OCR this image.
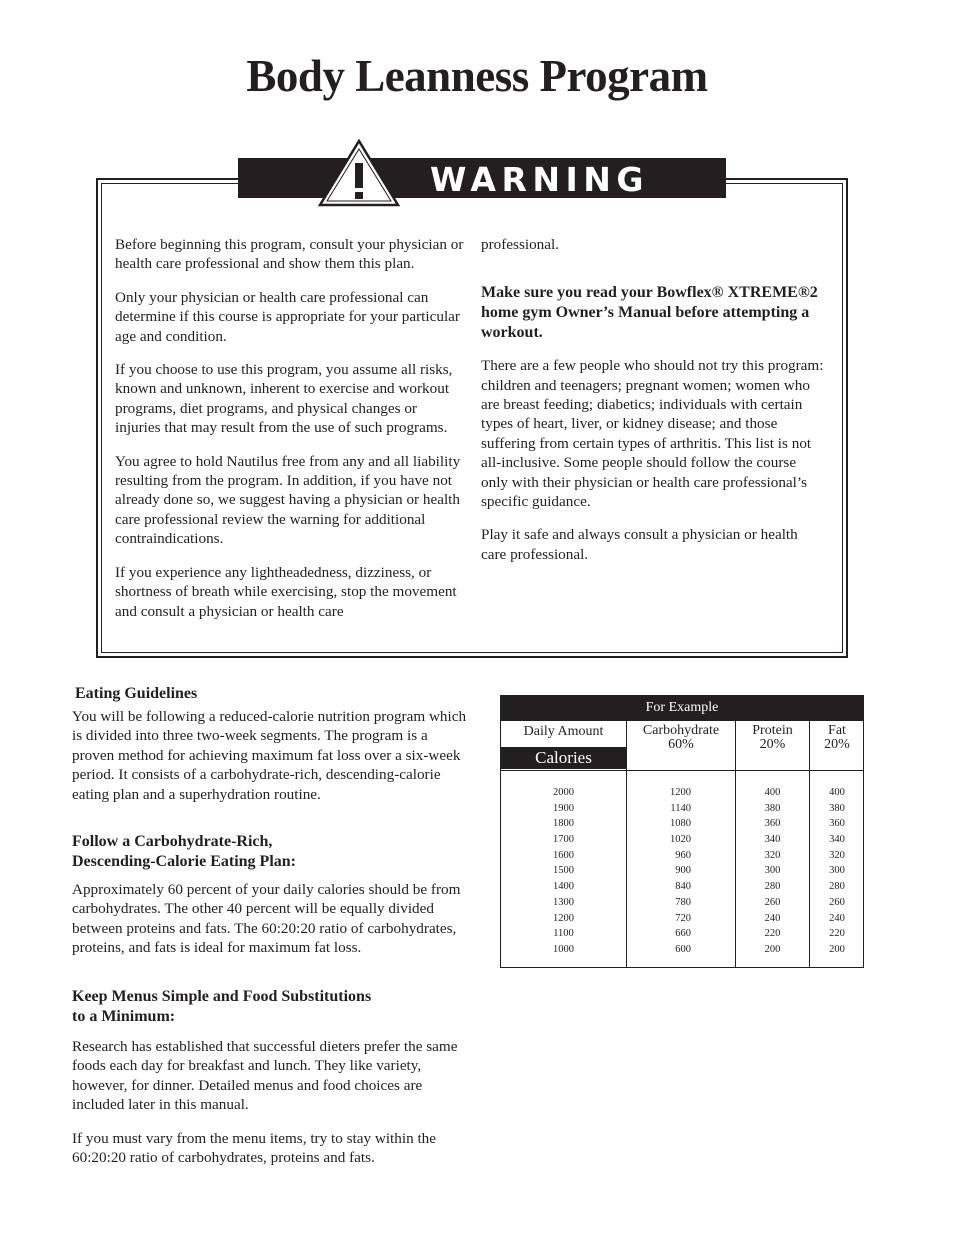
Body Leanness Program
WARNING

Before beginning this program, consult your physician or health care professional and show them this plan.

Only your physician or health care professional can determine if this course is appropriate for your particular age and condition.

If you choose to use this program, you assume all risks, known and unknown, inherent to exercise and workout programs, diet programs, and physical changes or injuries that may result from the use of such programs.

You agree to hold Nautilus free from any and all liability resulting from the program. In addition, if you have not already done so, we suggest having a physician or health care professional review the warning for additional contraindications.

If you experience any lightheadedness, dizziness, or shortness of breath while exercising, stop the movement and consult a physician or health care

professional.

Make sure you read your Bowflex® XTREME®2 home gym Owner’s Manual before attempting a workout.

There are a few people who should not try this program: children and teenagers; pregnant women; women who are breast feeding; diabetics; individuals with certain types of heart, liver, or kidney disease; and those suffering from certain types of arthritis. This list is not all-inclusive. Some people should follow the course only with their physician or health care professional’s specific guidance.

Play it safe and always consult a physician or health care professional.

Eating Guidelines
You will be following a reduced-calorie nutrition program which is divided into three two-week segments. The program is a proven method for achieving maximum fat loss over a six-week period. It consists of a carbohydrate-rich, descending-calorie eating plan and a superhydration routine.
Follow a Carbohydrate-Rich,
Descending-Calorie Eating Plan:
Approximately 60 percent of your daily calories should be from carbohydrates. The other 40 percent will be equally divided between proteins and fats. The 60:20:20 ratio of carbohydrates, proteins, and fats is ideal for maximum fat loss.
Keep Menus Simple and Food Substitutions
to a Minimum:
Research has established that successful dieters prefer the same foods each day for breakfast and lunch. They like variety, however, for dinner. Detailed menus and food choices are included later in this manual.
If you must vary from the menu items, try to stay within the 60:20:20 ratio of carbohydrates, proteins and fats.
For Example
Daily Amount
Calories
Carbohydrate
60%
Protein
20%
Fat
20%
2000
1900
1800
1700
1600
1500
1400
1300
1200
1100
1000
1200
1140
1080
1020
960
900
840
780
720
660
600
400
380
360
340
320
300
280
260
240
220
200
400
380
360
340
320
300
280
260
240
220
200
